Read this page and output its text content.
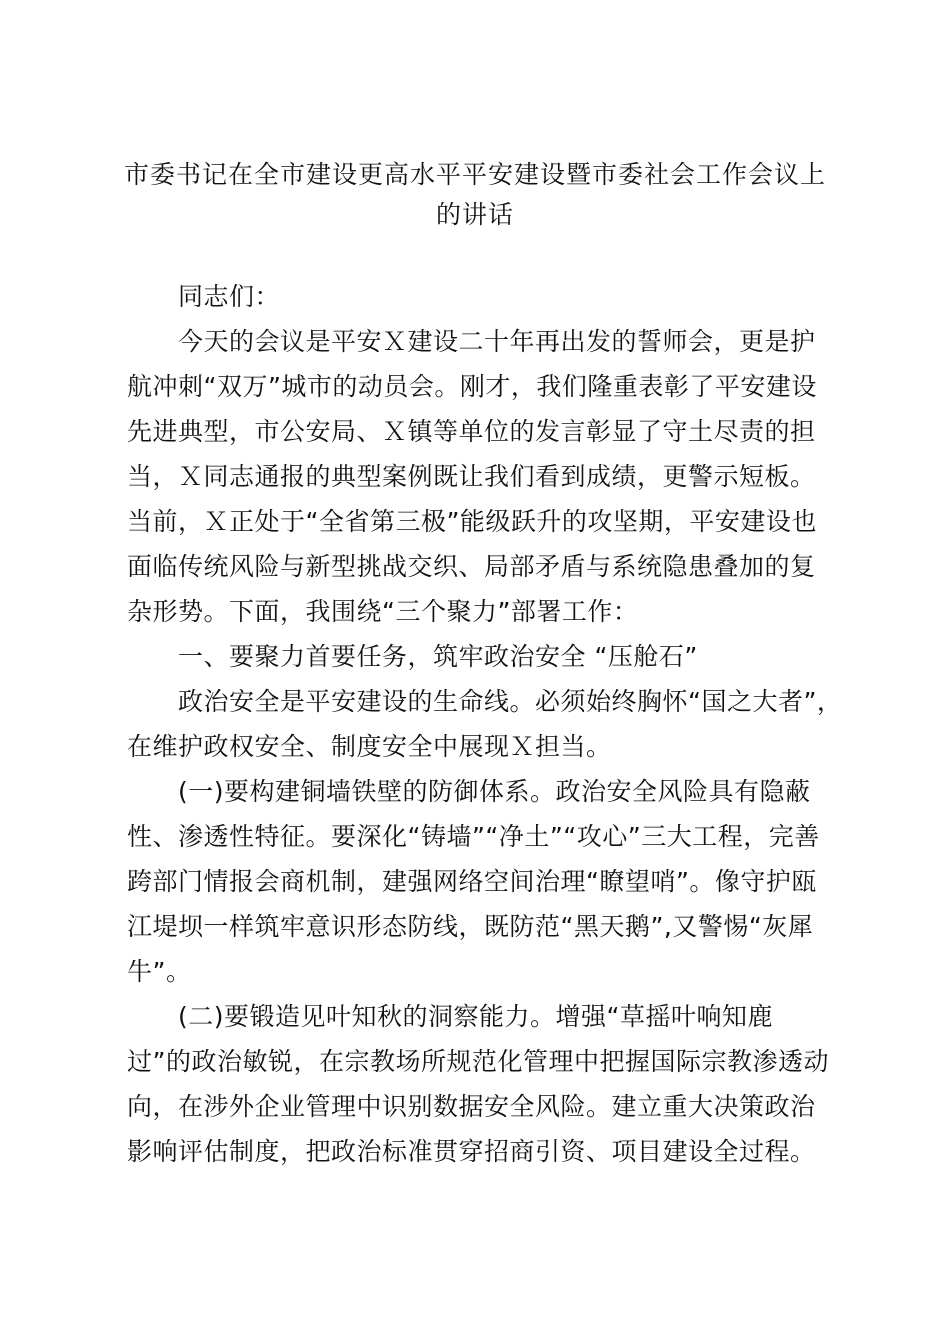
市委书记在全市建设更高水平平安建设暨市委社会工作会议上
的讲话
同志们：
今天的会议是平安Ｘ建设二十年再出发的誓师会，更是护
航冲刺“双万”城市的动员会。刚才，我们隆重表彰了平安建设
先进典型，市公安局、Ｘ镇等单位的发言彰显了守土尽责的担
当，Ｘ同志通报的典型案例既让我们看到成绩，更警示短板。
当前，Ｘ正处于“全省第三极”能级跃升的攻坚期，平安建设也
面临传统风险与新型挑战交织、局部矛盾与系统隐患叠加的复
杂形势。下面，我围绕“三个聚力”部署工作：
一、要聚力首要任务，筑牢政治安全 “压舱石”
政治安全是平安建设的生命线。必须始终胸怀“国之大者”，
在维护政权安全、制度安全中展现Ｘ担当。
(一)要构建铜墙铁壁的防御体系。政治安全风险具有隐蔽
性、渗透性特征。要深化“铸墙”“净土”“攻心”三大工程，完善
跨部门情报会商机制，建强网络空间治理“瞭望哨”。像守护瓯
江堤坝一样筑牢意识形态防线，既防范“黑天鹅”,又警惕“灰犀
牛”。
(二)要锻造见叶知秋的洞察能力。增强“草摇叶响知鹿
过”的政治敏锐，在宗教场所规范化管理中把握国际宗教渗透动
向，在涉外企业管理中识别数据安全风险。建立重大决策政治
影响评估制度，把政治标准贯穿招商引资、项目建设全过程。
